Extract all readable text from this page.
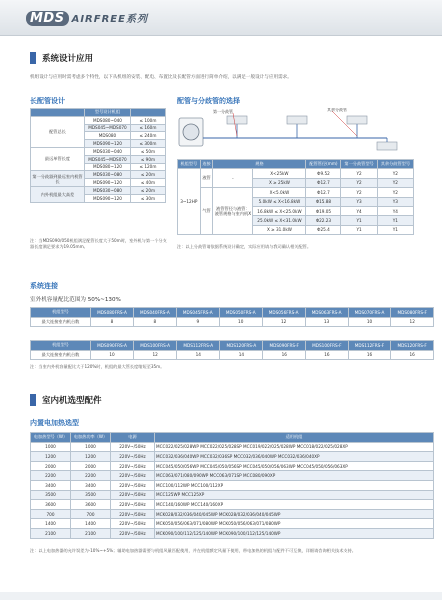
MDS AIRFREE系列
系统设计应用
机组设计与应用时需考虑多个特性，以下从机组的安装、配电、布置比及长配管方面进行简单介绍，以满足一般设计与应用需求。
长配管设计
	型号设计机组	
配管总长	MDS080~040	≤ 100m
	MDS045~MDS070	≤ 160m
	MDS080	≤ 240m
	MDS090~120	≤ 300m
最远单管长度	MDS030~040	≤ 50m
	MDS045~MDS070	≤ 90m
	MDS080~120	≤ 120m
第一分歧器到最远室内机管长	MDS030~080	≤ 20m
	MDS090~120	≤ 40m
内外机组最大高差	MDS030~080	≤ 20m
	MDS090~120	≤ 30m
注：当MDS090/050机组满足配管长度大于50m时，室外机与第一个分支器长度满足要求为19.05mm。
配管与分歧管的选择
第一分歧管	其余分歧管
机组型号	连接	规格		配管管径(mm)	第一分歧管型号	其余分歧管型号
3~12HP	液管	-	X<25kW	Φ9.52	Y2	Y2
			X ≥ 25kW	Φ12.7	Y2	Y2
	气管	液管管径与液管：液管规格与室内机X	X<5.0kW	Φ12.7	Y2	Y2
			5.0kW ≤ X<16.8kW	Φ15.88	Y3	Y3
			16.8kW ≤ X<25.0kW	Φ19.05	Y4	Y4
			25.0kW ≤ X<31.0kW	Φ22.23	Y1	Y1
			X ≥ 31.0kW	Φ25.4	Y1	Y1
注：以上分歧管请依据系统设计确定，实际应用请与我司确认相关配管。
系统连接
室外机容量配比范围为 50%~130%
机组型号	MDS080FRS-A	MDS040FRS-A	MDS045FRS-A	MDS050FRS-A	MDS056FRS-A	MDS063FRS-A	MDS070FRS-A	MDS080FRS-F
最大连接室内机台数	8	8	9	10	12	13	10	12
机组型号	MDS090FRS-A	MDS100FRS-A	MDS112FRS-A	MDS120FRS-A	MDS090FRS-F	MDS100FRS-F	MDS112FRS-F	MDS120FRS-F
最大连接室内机台数	10	12	14	14	16	16	16	16
注：当室内外机容量配比大于120%时，机组的最大管长度缩短至35m。
室内机选型配件
内置电加热选型
电加热型号（W）	电加热功率（W）	电源	适用机组
1000	1000	220V~/50Hz	MCC022/025/028WP MCC022/025/028SP MCC019/022/025/028WP MCC018/022/025/028XP
1200	1200	220V~/50Hz	MCC032/036/040WP MCC032/036SP MCC032/036/040WP MCC032/036/040XP
2000	2000	220V~/50Hz	MCC045/050/056WP MCC045/050/056SP MCC045/050/056/063WP MCC045/050/056/063XP
2200	2200	220V~/50Hz	MCC063/071/080/090WP MCC063/071SP MCC080/090XP
3400	3400	220V~/50Hz	MCC100/112WP MCC100/112XP
3500	3500	220V~/50Hz	MCC125WP MCC125XP
3600	3600	220V~/50Hz	MCC140/160WP MCC140/160XP
700	700	220V~/50Hz	MCK028/032/036/040/045WP MCK028/032/036/040/045WP
1400	1400	220V~/50Hz	MCK050/056/063/071/080WP MCK050/056/063/071/080WP
2100	2100	220V~/50Hz	MCK090/100/112/125/140WP MCK090/100/112/125/140WP
注：以上电加热器的允许误差为-10%~+5%；辅助电加热器需要与机组风量匹配使用，并在机组额定风量下使用，带电加热的机组与配件不可互换，详细请咨询相关技术支持。
